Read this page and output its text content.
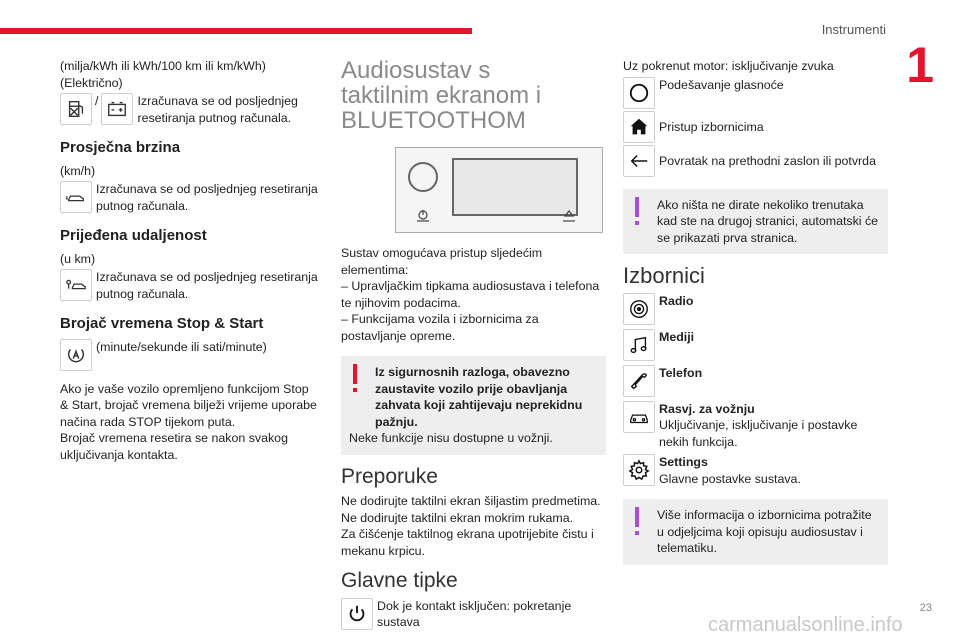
Instrumenti
1
23
carmanualsonline.info
(milja/kWh ili kWh/100 km ili km/kWh)
(Električno)
/	Izračunava se od posljednjeg resetiranja putnog računala.
Prosječna brzina
(km/h)
Izračunava se od posljednjeg resetiranja putnog računala.
Prijeđena udaljenost
(u km)
Izračunava se od posljednjeg resetiranja putnog računala.
Brojač vremena Stop & Start
(minute/sekunde ili sati/minute)
Ako je vaše vozilo opremljeno funkcijom Stop & Start, brojač vremena bilježi vrijeme uporabe načina rada STOP tijekom puta.
Brojač vremena resetira se nakon svakog uključivanja kontakta.
Audiosustav s
taktilnim ekranom i
BLUETOOTHOM
Sustav omogućava pristup sljedećim elementima:
– Upravljačkim tipkama audiosustava i telefona te njihovim podacima.
– Funkcijama vozila i izbornicima za postavljanje opreme.
Iz sigurnosnih razloga, obavezno zaustavite vozilo prije obavljanja zahvata koji zahtijevaju neprekidnu pažnju.
Neke funkcije nisu dostupne u vožnji.
Preporuke
Ne dodirujte taktilni ekran šiljastim predmetima.
Ne dodirujte taktilni ekran mokrim rukama.
Za čišćenje taktilnog ekrana upotrijebite čistu i mekanu krpicu.
Glavne tipke
Dok je kontakt isključen: pokretanje sustava
Uz pokrenut motor: isključivanje zvuka
Podešavanje glasnoće
Pristup izbornicima
Povratak na prethodni zaslon ili potvrda
Ako ništa ne dirate nekoliko trenutaka kad ste na drugoj stranici, automatski će se prikazati prva stranica.
Izbornici
Radio
Mediji
Telefon
Rasvj. za vožnju
Uključivanje, isključivanje i postavke nekih funkcija.
Settings
Glavne postavke sustava.
Više informacija o izbornicima potražite u odjeljcima koji opisuju audiosustav i telematiku.
